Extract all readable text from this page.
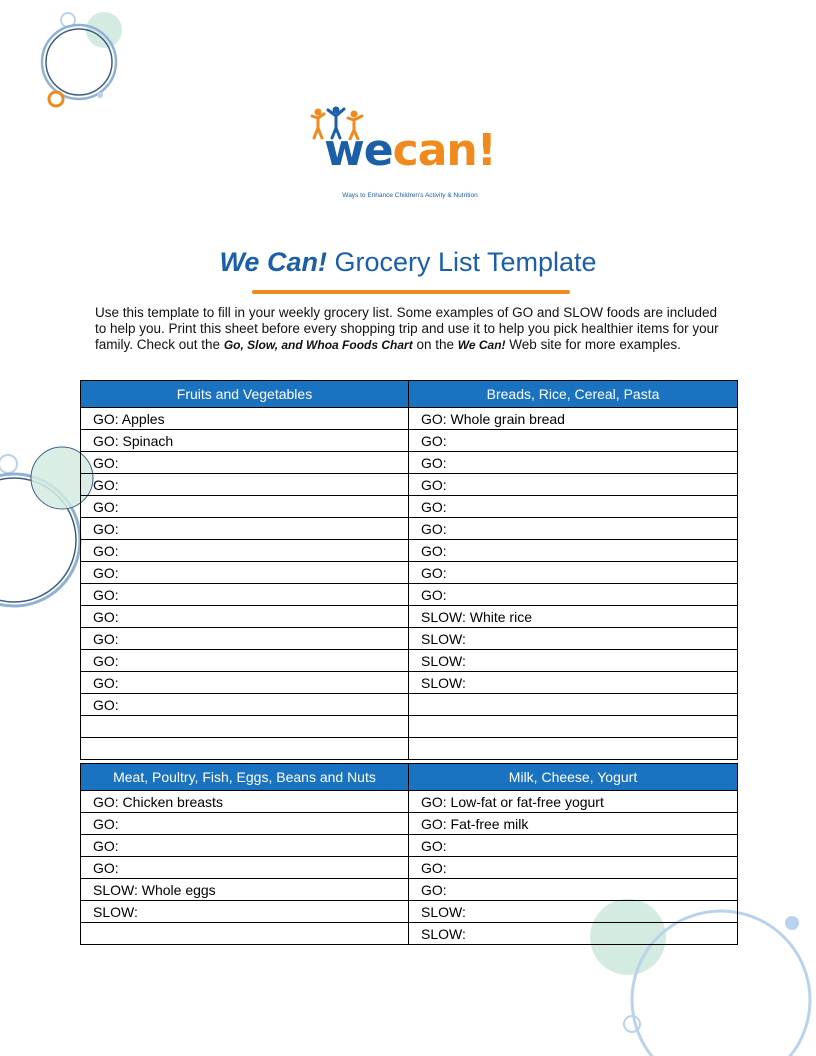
wecan!
Ways to Enhance Children's Activity & Nutrition
We Can! Grocery List Template
Use this template to fill in your weekly grocery list. Some examples of GO and SLOW foods are included to help you. Print this sheet before every shopping trip and use it to help you pick healthier items for your family. Check out the Go, Slow, and Whoa Foods Chart on the We Can! Web site for more examples.
Fruits and Vegetables	Breads, Rice, Cereal, Pasta
GO: Apples	GO: Whole grain bread
GO: Spinach	GO:
GO:	GO:
GO:	GO:
GO:	GO:
GO:	GO:
GO:	GO:
GO:	GO:
GO:	GO:
GO:	SLOW: White rice
GO:	SLOW:
GO:	SLOW:
GO:	SLOW:
GO:	

Meat, Poultry, Fish, Eggs, Beans and Nuts	Milk, Cheese, Yogurt
GO: Chicken breasts	GO: Low-fat or fat-free yogurt
GO:	GO: Fat-free milk
GO:	GO:
GO:	GO:
SLOW: Whole eggs	GO:
SLOW:	SLOW:
	SLOW:
